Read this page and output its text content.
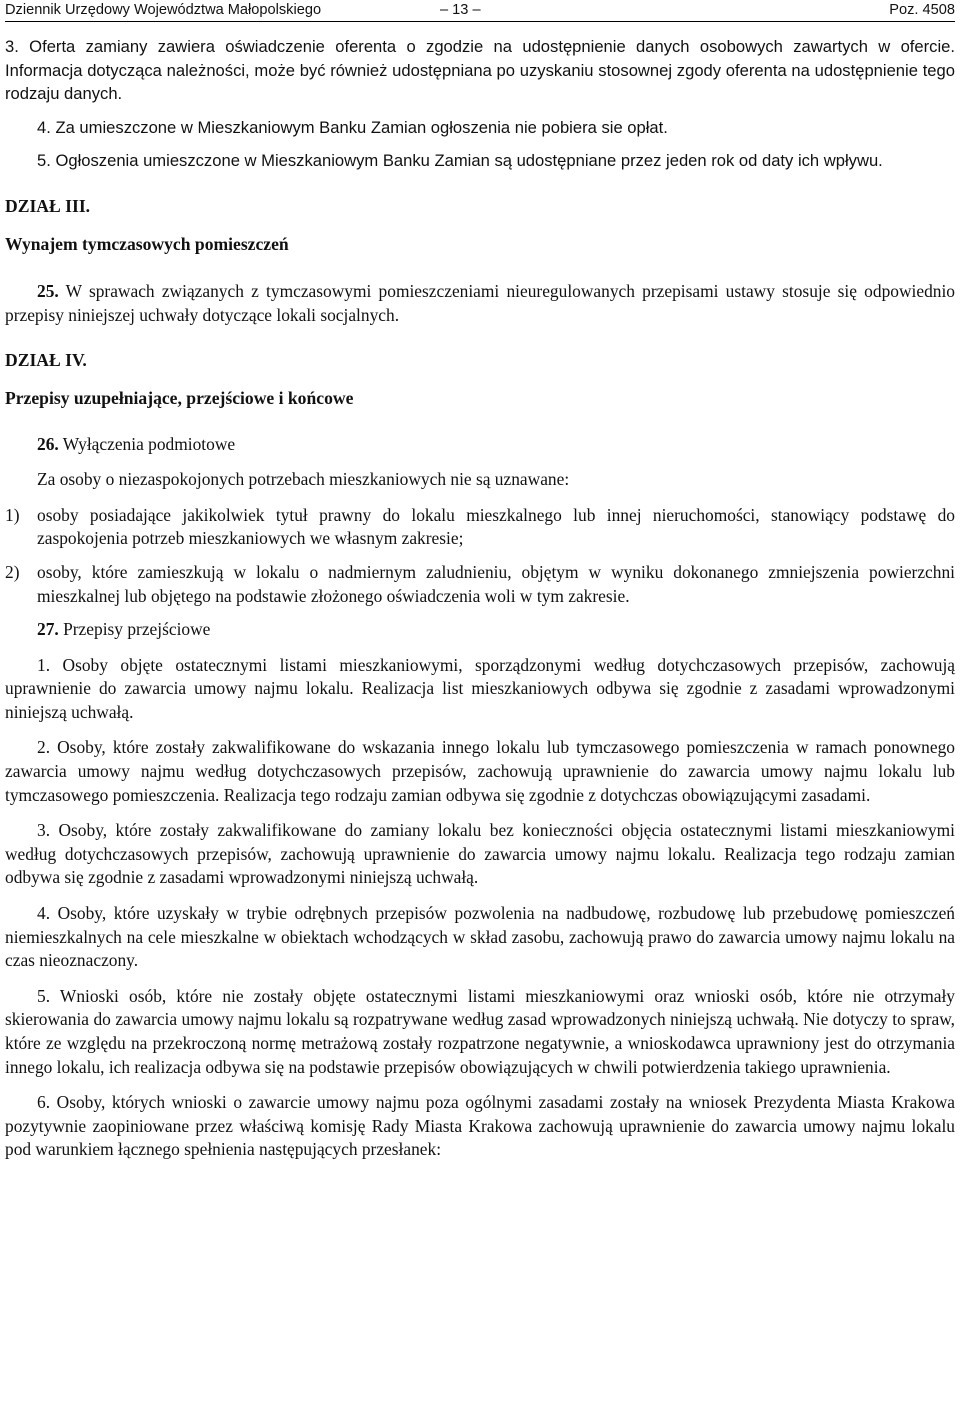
Dziennik Urzędowy Województwa Małopolskiego	– 13 –	Poz. 4508

3. Oferta zamiany zawiera oświadczenie oferenta o zgodzie na udostępnienie danych osobowych zawartych w ofercie. Informacja dotycząca należności, może być również udostępniana po uzyskaniu stosownej zgody oferenta na udostępnienie tego rodzaju danych.

4. Za umieszczone w Mieszkaniowym Banku Zamian ogłoszenia nie pobiera sie opłat.

5. Ogłoszenia umieszczone w Mieszkaniowym Banku Zamian są udostępniane przez jeden rok od daty ich wpływu.

DZIAŁ III.

Wynajem tymczasowych pomieszczeń

25. W sprawach związanych z tymczasowymi pomieszczeniami nieuregulowanych przepisami ustawy stosuje się odpowiednio przepisy niniejszej uchwały dotyczące lokali socjalnych.

DZIAŁ IV.

Przepisy uzupełniające, przejściowe i końcowe

26. Wyłączenia podmiotowe

Za osoby o niezaspokojonych potrzebach mieszkaniowych nie są uznawane:

1)	osoby posiadające jakikolwiek tytuł prawny do lokalu mieszkalnego lub innej nieruchomości, stanowiący podstawę do zaspokojenia potrzeb mieszkaniowych we własnym zakresie;
2)	osoby, które zamieszkują w lokalu o nadmiernym zaludnieniu, objętym w wyniku dokonanego zmniejszenia powierzchni mieszkalnej lub objętego na podstawie złożonego oświadczenia woli w tym zakresie.

27. Przepisy przejściowe

1. Osoby objęte ostatecznymi listami mieszkaniowymi, sporządzonymi według dotychczasowych przepisów, zachowują uprawnienie do zawarcia umowy najmu lokalu. Realizacja list mieszkaniowych odbywa się zgodnie z zasadami wprowadzonymi niniejszą uchwałą.

2. Osoby, które zostały zakwalifikowane do wskazania innego lokalu lub tymczasowego pomieszczenia w ramach ponownego zawarcia umowy najmu według dotychczasowych przepisów, zachowują uprawnienie do zawarcia umowy najmu lokalu lub tymczasowego pomieszczenia. Realizacja tego rodzaju zamian odbywa się zgodnie z dotychczas obowiązującymi zasadami.

3. Osoby, które zostały zakwalifikowane do zamiany lokalu bez konieczności objęcia ostatecznymi listami mieszkaniowymi według dotychczasowych przepisów, zachowują uprawnienie do zawarcia umowy najmu lokalu. Realizacja tego rodzaju zamian odbywa się zgodnie z zasadami wprowadzonymi niniejszą uchwałą.

4. Osoby, które uzyskały w trybie odrębnych przepisów pozwolenia na nadbudowę, rozbudowę lub przebudowę pomieszczeń niemieszkalnych na cele mieszkalne w obiektach wchodzących w skład zasobu, zachowują prawo do zawarcia umowy najmu lokalu na czas nieoznaczony.

5. Wnioski osób, które nie zostały objęte ostatecznymi listami mieszkaniowymi oraz wnioski osób, które nie otrzymały skierowania do zawarcia umowy najmu lokalu są rozpatrywane według zasad wprowadzonych niniejszą uchwałą. Nie dotyczy to spraw, które ze względu na przekroczoną normę metrażową zostały rozpatrzone negatywnie, a wnioskodawca uprawniony jest do otrzymania innego lokalu, ich realizacja odbywa się na podstawie przepisów obowiązujących w chwili potwierdzenia takiego uprawnienia.

6. Osoby, których wnioski o zawarcie umowy najmu poza ogólnymi zasadami zostały na wniosek Prezydenta Miasta Krakowa pozytywnie zaopiniowane przez właściwą komisję Rady Miasta Krakowa zachowują uprawnienie do zawarcia umowy najmu lokalu pod warunkiem łącznego spełnienia następujących przesłanek:
